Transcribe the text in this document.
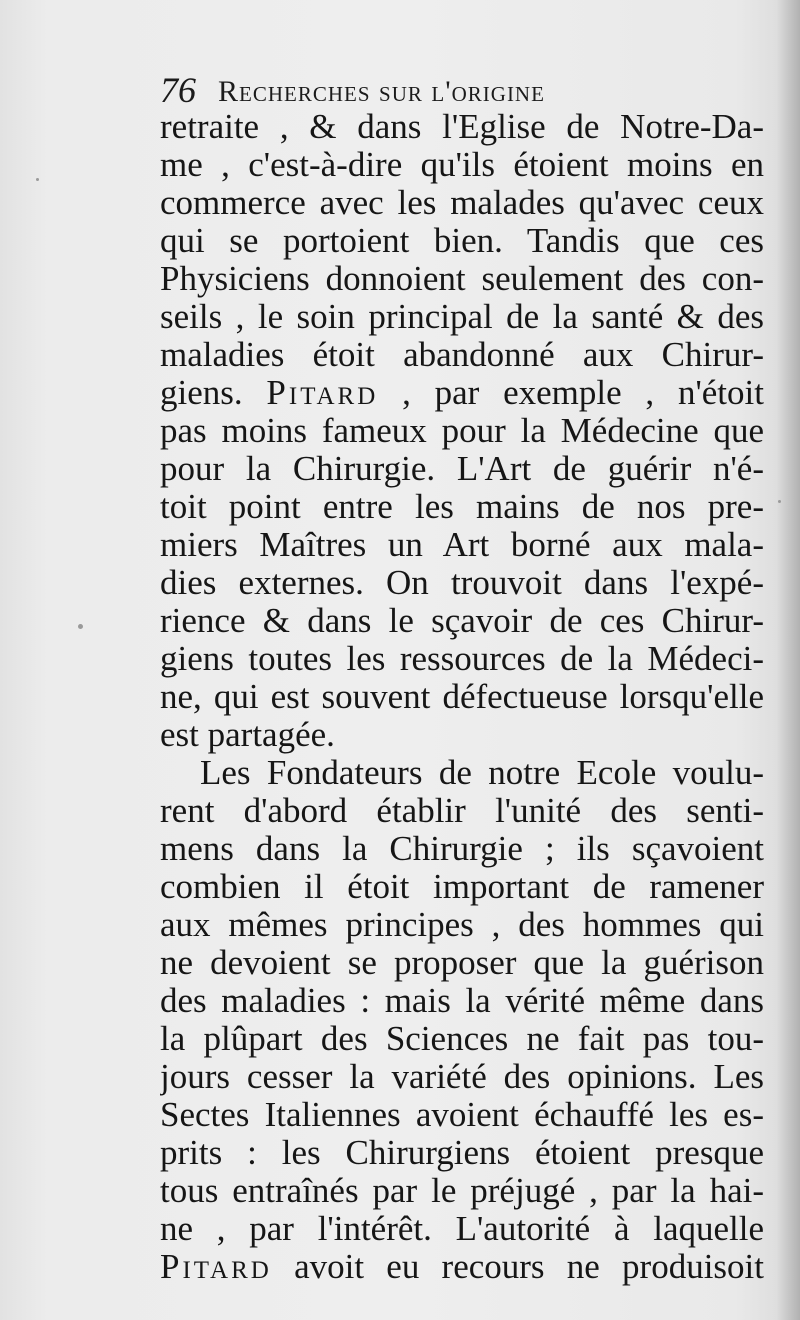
76 Recherches sur l'origine
retraite , & dans l'Eglise de Notre-Da-
me , c'est-à-dire qu'ils étoient moins en
commerce avec les malades qu'avec ceux
qui se portoient bien. Tandis que ces
Physiciens donnoient seulement des con-
seils , le soin principal de la santé & des
maladies étoit abandonné aux Chirur-
giens. Pitard , par exemple , n'étoit
pas moins fameux pour la Médecine que
pour la Chirurgie. L'Art de guérir n'é-
toit point entre les mains de nos pre-
miers Maîtres un Art borné aux mala-
dies externes. On trouvoit dans l'expé-
rience & dans le sçavoir de ces Chirur-
giens toutes les ressources de la Médeci-
ne, qui est souvent défectueuse lorsqu'elle
est partagée.
Les Fondateurs de notre Ecole voulu-
rent d'abord établir l'unité des senti-
mens dans la Chirurgie ; ils sçavoient
combien il étoit important de ramener
aux mêmes principes , des hommes qui
ne devoient se proposer que la guérison
des maladies : mais la vérité même dans
la plûpart des Sciences ne fait pas tou-
jours cesser la variété des opinions. Les
Sectes Italiennes avoient échauffé les es-
prits : les Chirurgiens étoient presque
tous entraînés par le préjugé , par la hai-
ne , par l'intérêt. L'autorité à laquelle
Pitard avoit eu recours ne produisoit
